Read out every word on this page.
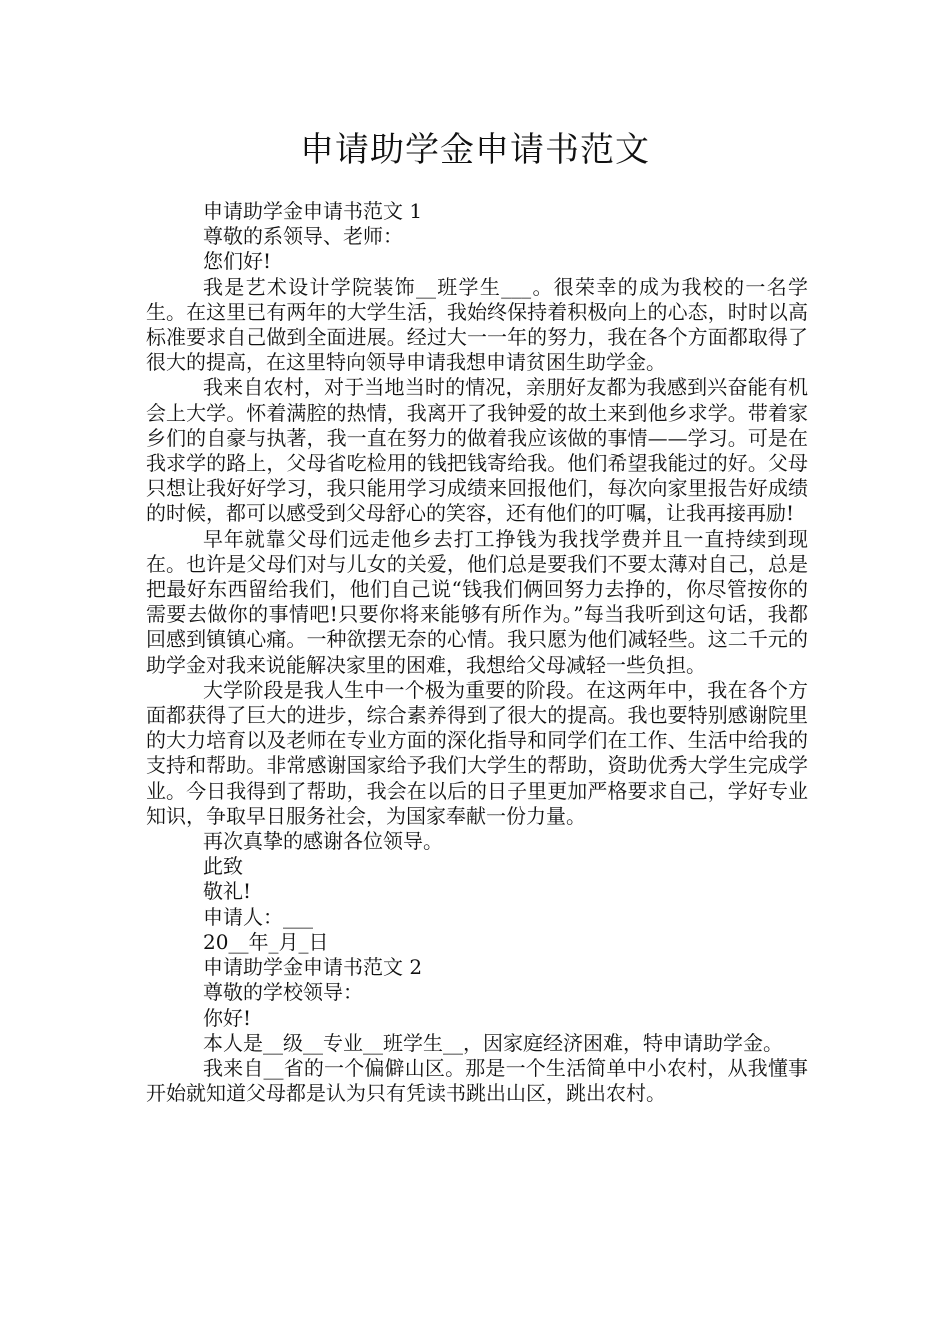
申请助学金申请书范文

申请助学金申请书范文 1

尊敬的系领导、老师：

您们好!

我是艺术设计学院装饰__班学生___。很荣幸的成为我校的一名学生。在这里已有两年的大学生活，我始终保持着积极向上的心态，时时以高标准要求自己做到全面进展。经过大一一年的努力，我在各个方面都取得了很大的提高，在这里特向领导申请我想申请贫困生助学金。

我来自农村，对于当地当时的情况，亲朋好友都为我感到兴奋能有机会上大学。怀着满腔的热情，我离开了我钟爱的故土来到他乡求学。带着家乡们的自豪与执著，我一直在努力的做着我应该做的事情——学习。可是在我求学的路上，父母省吃检用的钱把钱寄给我。他们希望我能过的好。父母只想让我好好学习，我只能用学习成绩来回报他们，每次向家里报告好成绩的时候，都可以感受到父母舒心的笑容，还有他们的叮嘱，让我再接再励!

早年就靠父母们远走他乡去打工挣钱为我找学费并且一直持续到现在。也许是父母们对与儿女的关爱，他们总是要我们不要太薄对自己，总是把最好东西留给我们，他们自己说“钱我们俩回努力去挣的，你尽管按你的需要去做你的事情吧!只要你将来能够有所作为。”每当我听到这句话，我都回感到镇镇心痛。一种欲摆无奈的心情。我只愿为他们减轻些。这二千元的助学金对我来说能解决家里的困难，我想给父母减轻一些负担。

大学阶段是我人生中一个极为重要的阶段。在这两年中，我在各个方面都获得了巨大的进步，综合素养得到了很大的提高。我也要特别感谢院里的大力培育以及老师在专业方面的深化指导和同学们在工作、生活中给我的支持和帮助。非常感谢国家给予我们大学生的帮助，资助优秀大学生完成学业。今日我得到了帮助，我会在以后的日子里更加严格要求自己，学好专业知识，争取早日服务社会，为国家奉献一份力量。

再次真挚的感谢各位领导。

此致

敬礼!

申请人：___

20__年_月_日

申请助学金申请书范文 2

尊敬的学校领导：

你好!

本人是__级__专业__班学生__，因家庭经济困难，特申请助学金。

我来自__省的一个偏僻山区。那是一个生活简单中小农村，从我懂事开始就知道父母都是认为只有凭读书跳出山区，跳出农村。
